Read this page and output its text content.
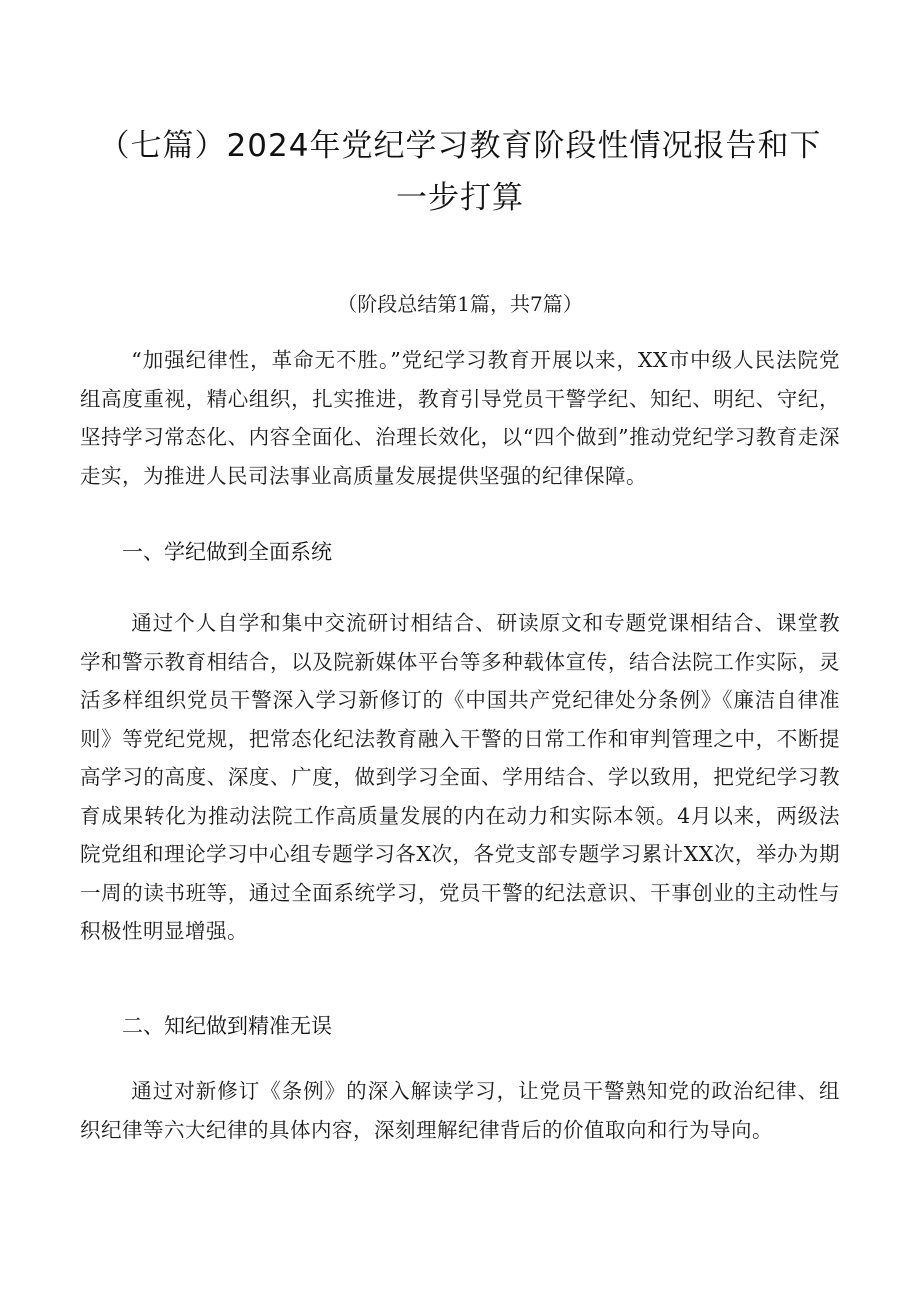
（七篇）2024年党纪学习教育阶段性情况报告和下
一步打算

（阶段总结第1篇，共7篇）

“加强纪律性，革命无不胜。”党纪学习教育开展以来，XX市中级人民法院党组高度重视，精心组织，扎实推进，教育引导党员干警学纪、知纪、明纪、守纪，坚持学习常态化、内容全面化、治理长效化，以“四个做到”推动党纪学习教育走深走实，为推进人民司法事业高质量发展提供坚强的纪律保障。

一、学纪做到全面系统

通过个人自学和集中交流研讨相结合、研读原文和专题党课相结合、课堂教学和警示教育相结合，以及院新媒体平台等多种载体宣传，结合法院工作实际，灵活多样组织党员干警深入学习新修订的《中国共产党纪律处分条例》《廉洁自律准则》等党纪党规，把常态化纪法教育融入干警的日常工作和审判管理之中，不断提高学习的高度、深度、广度，做到学习全面、学用结合、学以致用，把党纪学习教育成果转化为推动法院工作高质量发展的内在动力和实际本领。4月以来，两级法院党组和理论学习中心组专题学习各X次，各党支部专题学习累计XX次，举办为期一周的读书班等，通过全面系统学习，党员干警的纪法意识、干事创业的主动性与积极性明显增强。

二、知纪做到精准无误

通过对新修订《条例》的深入解读学习，让党员干警熟知党的政治纪律、组织纪律等六大纪律的具体内容，深刻理解纪律背后的价值取向和行为导向。
